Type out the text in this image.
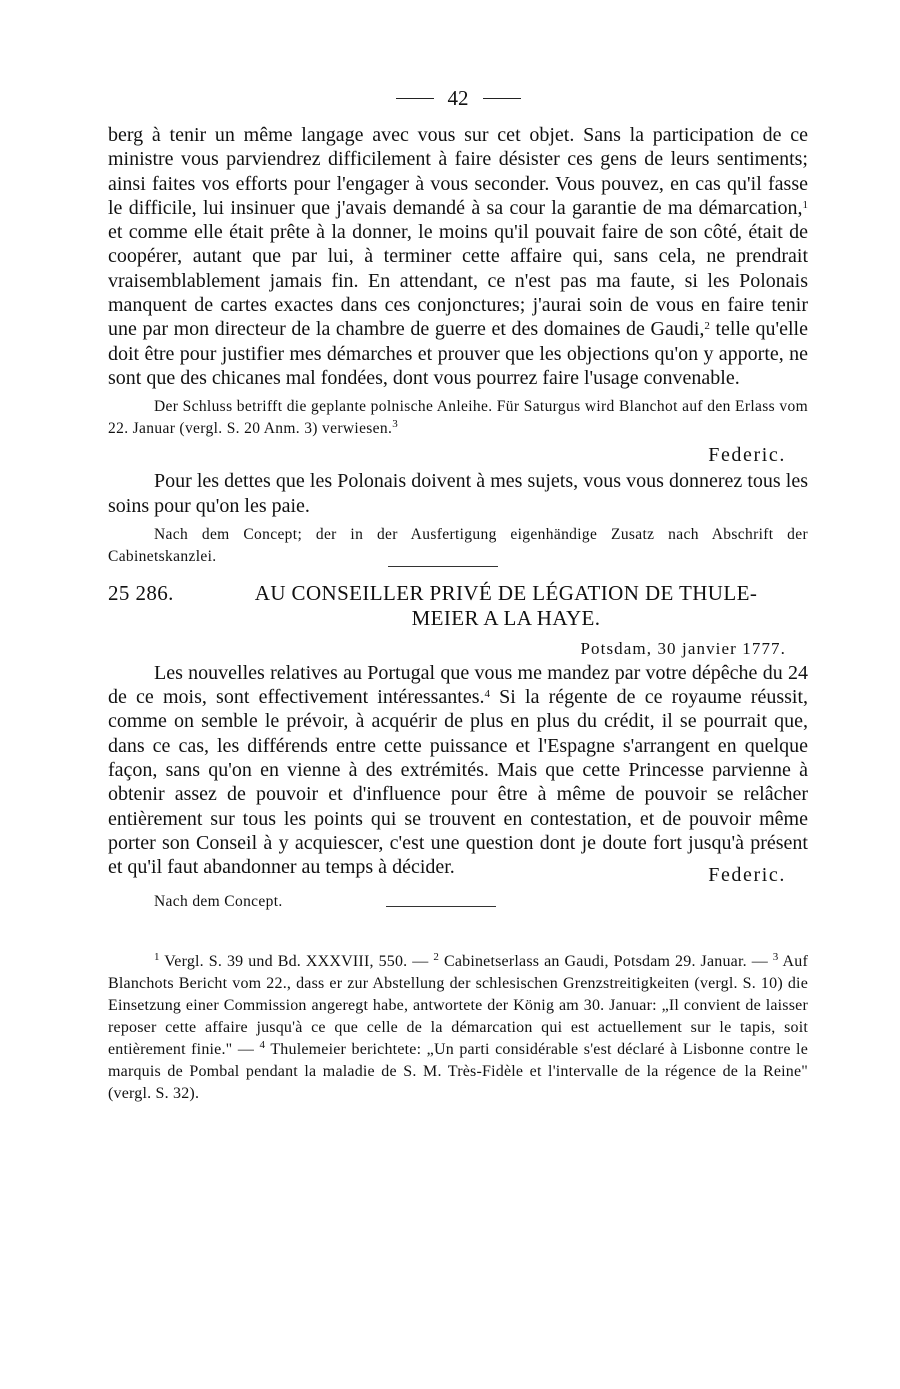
42

berg à tenir un même langage avec vous sur cet objet. Sans la participation de ce ministre vous parviendrez difficilement à faire désister ces gens de leurs sentiments; ainsi faites vos efforts pour l'engager à vous seconder. Vous pouvez, en cas qu'il fasse le difficile, lui insinuer que j'avais demandé à sa cour la garantie de ma démarcation,$^1$ et comme elle était prête à la donner, le moins qu'il pouvait faire de son côté, était de coopérer, autant que par lui, à terminer cette affaire qui, sans cela, ne prendrait vraisemblablement jamais fin. En attendant, ce n'est pas ma faute, si les Polonais manquent de cartes exactes dans ces conjonctures; j'aurai soin de vous en faire tenir une par mon directeur de la chambre de guerre et des domaines de Gaudi,$^2$ telle qu'elle doit être pour justifier mes démarches et prouver que les objections qu'on y apporte, ne sont que des chicanes mal fondées, dont vous pourrez faire l'usage convenable.

Der Schluss betrifft die geplante polnische Anleihe. Für Saturgus wird Blanchot auf den Erlass vom 22. Januar (vergl. S. 20 Anm. 3) verwiesen.$^3$

Federic.

Pour les dettes que les Polonais doivent à mes sujets, vous vous donnerez tous les soins pour qu'on les paie.

Nach dem Concept; der in der Ausfertigung eigenhändige Zusatz nach Abschrift der Cabinetskanzlei.

25 286.	AU CONSEILLER PRIVÉ DE LÉGATION DE THULE-
MEIER A LA HAYE.
Potsdam, 30 janvier 1777.

Les nouvelles relatives au Portugal que vous me mandez par votre dépêche du 24 de ce mois, sont effectivement intéressantes.$^4$ Si la régente de ce royaume réussit, comme on semble le prévoir, à acquérir de plus en plus du crédit, il se pourrait que, dans ce cas, les différends entre cette puissance et l'Espagne s'arrangent en quelque façon, sans qu'on en vienne à des extrémités. Mais que cette Princesse parvienne à obtenir assez de pouvoir et d'influence pour être à même de pouvoir se relâcher entièrement sur tous les points qui se trouvent en contestation, et de pouvoir même porter son Conseil à y acquiescer, c'est une question dont je doute fort jusqu'à présent et qu'il faut abandonner au temps à décider.	Federic.

Nach dem Concept.

$^1$ Vergl. S. 39 und Bd. XXXVIII, 550. — $^2$ Cabinetserlass an Gaudi, Potsdam 29. Januar. — $^3$ Auf Blanchots Bericht vom 22., dass er zur Abstellung der schlesischen Grenzstreitigkeiten (vergl. S. 10) die Einsetzung einer Commission angeregt habe, antwortete der König am 30. Januar: „Il convient de laisser reposer cette affaire jusqu'à ce que celle de la démarcation qui est actuellement sur le tapis, soit entièrement finie." — $^4$ Thulemeier berichtete: „Un parti considérable s'est déclaré à Lisbonne contre le marquis de Pombal pendant la maladie de S. M. Très-Fidèle et l'intervalle de la régence de la Reine" (vergl. S. 32).
